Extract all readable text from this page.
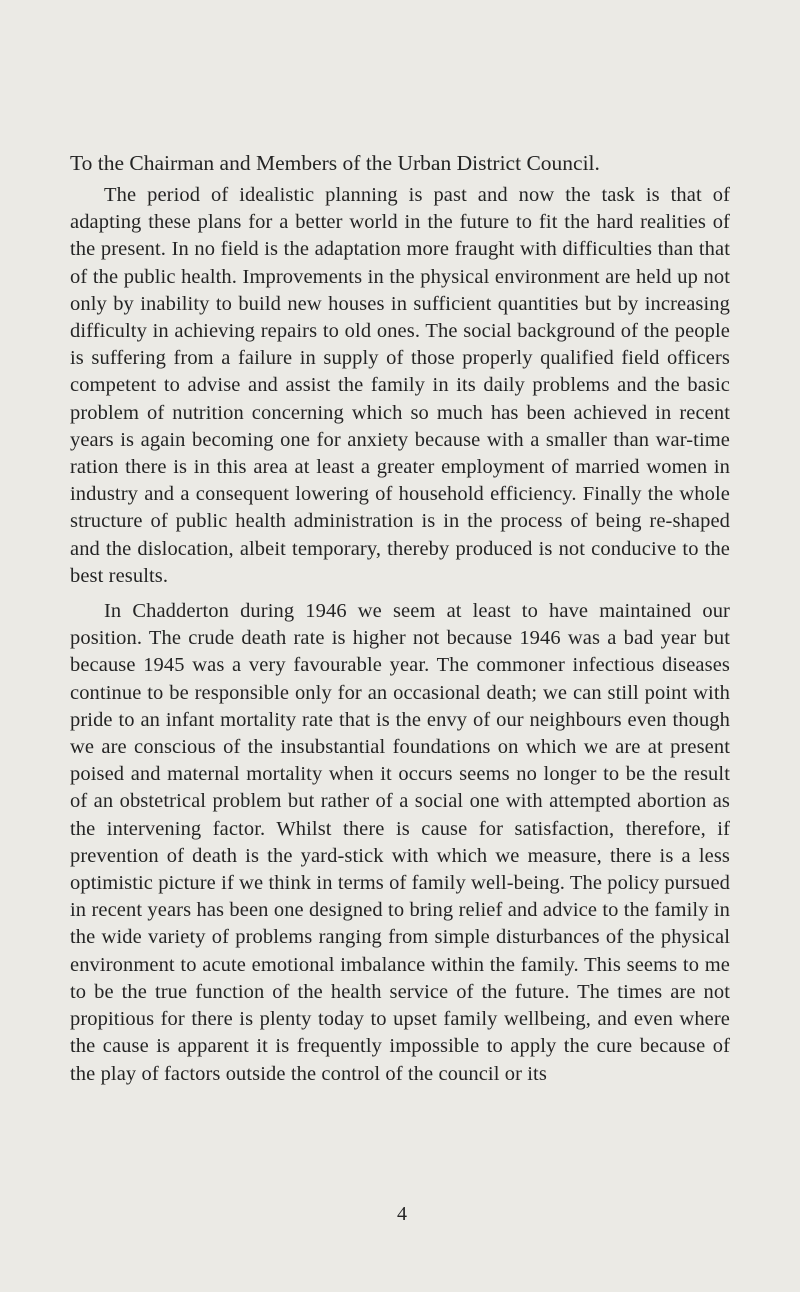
To the Chairman and Members of the Urban District Council.

The period of idealistic planning is past and now the task is that of adapting these plans for a better world in the future to fit the hard realities of the present. In no field is the adaptation more fraught with difficulties than that of the public health. Improvements in the physical environment are held up not only by inability to build new houses in sufficient quantities but by increasing difficulty in achieving repairs to old ones. The social background of the people is suffering from a failure in supply of those properly qualified field officers competent to advise and assist the family in its daily problems and the basic problem of nutrition concerning which so much has been achieved in recent years is again becoming one for anxiety because with a smaller than war-time ration there is in this area at least a greater employment of married women in industry and a consequent lowering of household efficiency. Finally the whole structure of public health administration is in the process of being re-shaped and the dislocation, albeit temporary, thereby produced is not conducive to the best results.

In Chadderton during 1946 we seem at least to have maintained our position. The crude death rate is higher not because 1946 was a bad year but because 1945 was a very favourable year. The commoner infectious diseases continue to be responsible only for an occasional death; we can still point with pride to an infant mortality rate that is the envy of our neighbours even though we are conscious of the insubstantial foundations on which we are at present poised and maternal mortality when it occurs seems no longer to be the result of an obstetrical problem but rather of a social one with attempted abortion as the intervening factor. Whilst there is cause for satisfaction, therefore, if prevention of death is the yard-stick with which we measure, there is a less optimistic picture if we think in terms of family well-being. The policy pursued in recent years has been one designed to bring relief and advice to the family in the wide variety of problems ranging from simple disturbances of the physical environment to acute emotional imbalance within the family. This seems to me to be the true function of the health service of the future. The times are not propitious for there is plenty today to upset family wellbeing, and even where the cause is apparent it is frequently impossible to apply the cure because of the play of factors outside the control of the council or its

4
